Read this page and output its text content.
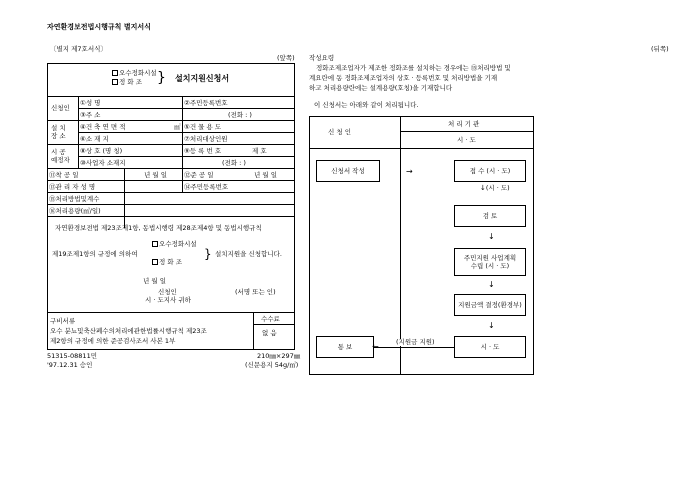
자연환경보전법시행규칙 별지서식
〔별지 제7호서식〕
(앞쪽)
(뒤쪽)
오수정화시설
정 화 조 } 설치지원신청서
신청인
①성 명	②주민등록번호
③주 소	(전화 : )
설 치
장 소
④건 축 연 면 적	㎡ ⑤건 물 용 도
⑥소 재 지	⑦처리대상인원
시 공
예정자
⑧상 호 (명 칭)	⑨등 록 번 호	제 호
⑩사업자 소재지	(전화 : )
⑪착 공 일	년 월 일	⑫준 공 일	년 월 일
⑬관 리 자 성 명	⑭주민등록번호
⑮처리방법및계수
⑯처리용량(㎥/일)
자연환경보전법 제23조제1항, 동법시행령 제28조제4항 및 동법시행규칙
제19조제1항의 규정에 의하여
오수정화시설
정 화 조
} 설치지원을 신청합니다.
년 월 일
신청인	(서명 또는 인)
시 · 도지사 귀하
구비서류
오수 분뇨및축산폐수의처리에관한법률시행규칙 제23조
제2항의 규정에 의한 준공검사조서 사본 1부
수수료
없 음
51315-08811민
'97.12.31 승인
210㎜×297㎜
(신문용지 54g/㎡)
작성요령
정화조제조업자가 제조한 정화조를 설치하는 경우에는 ⑮처리방법 및
계요란에 동 정화조제조업자의 상호 · 등록번호 및 처리방법을 기재
하고 처리용량란에는 설계용량(호칭)을 기재합니다
이 신청서는 아래와 같이 처리됩니다.
신 청 인
처 리 기 관
시 · 도
신청서 작성	접 수 (시 · 도)
→
↓(시 · 도)
검 토
↓
주민지원 사업계획
수립 (시 · 도)
↓
지원금액 결정(환경부)
↓
시 · 도
통 보	←	(지원금 지원)
